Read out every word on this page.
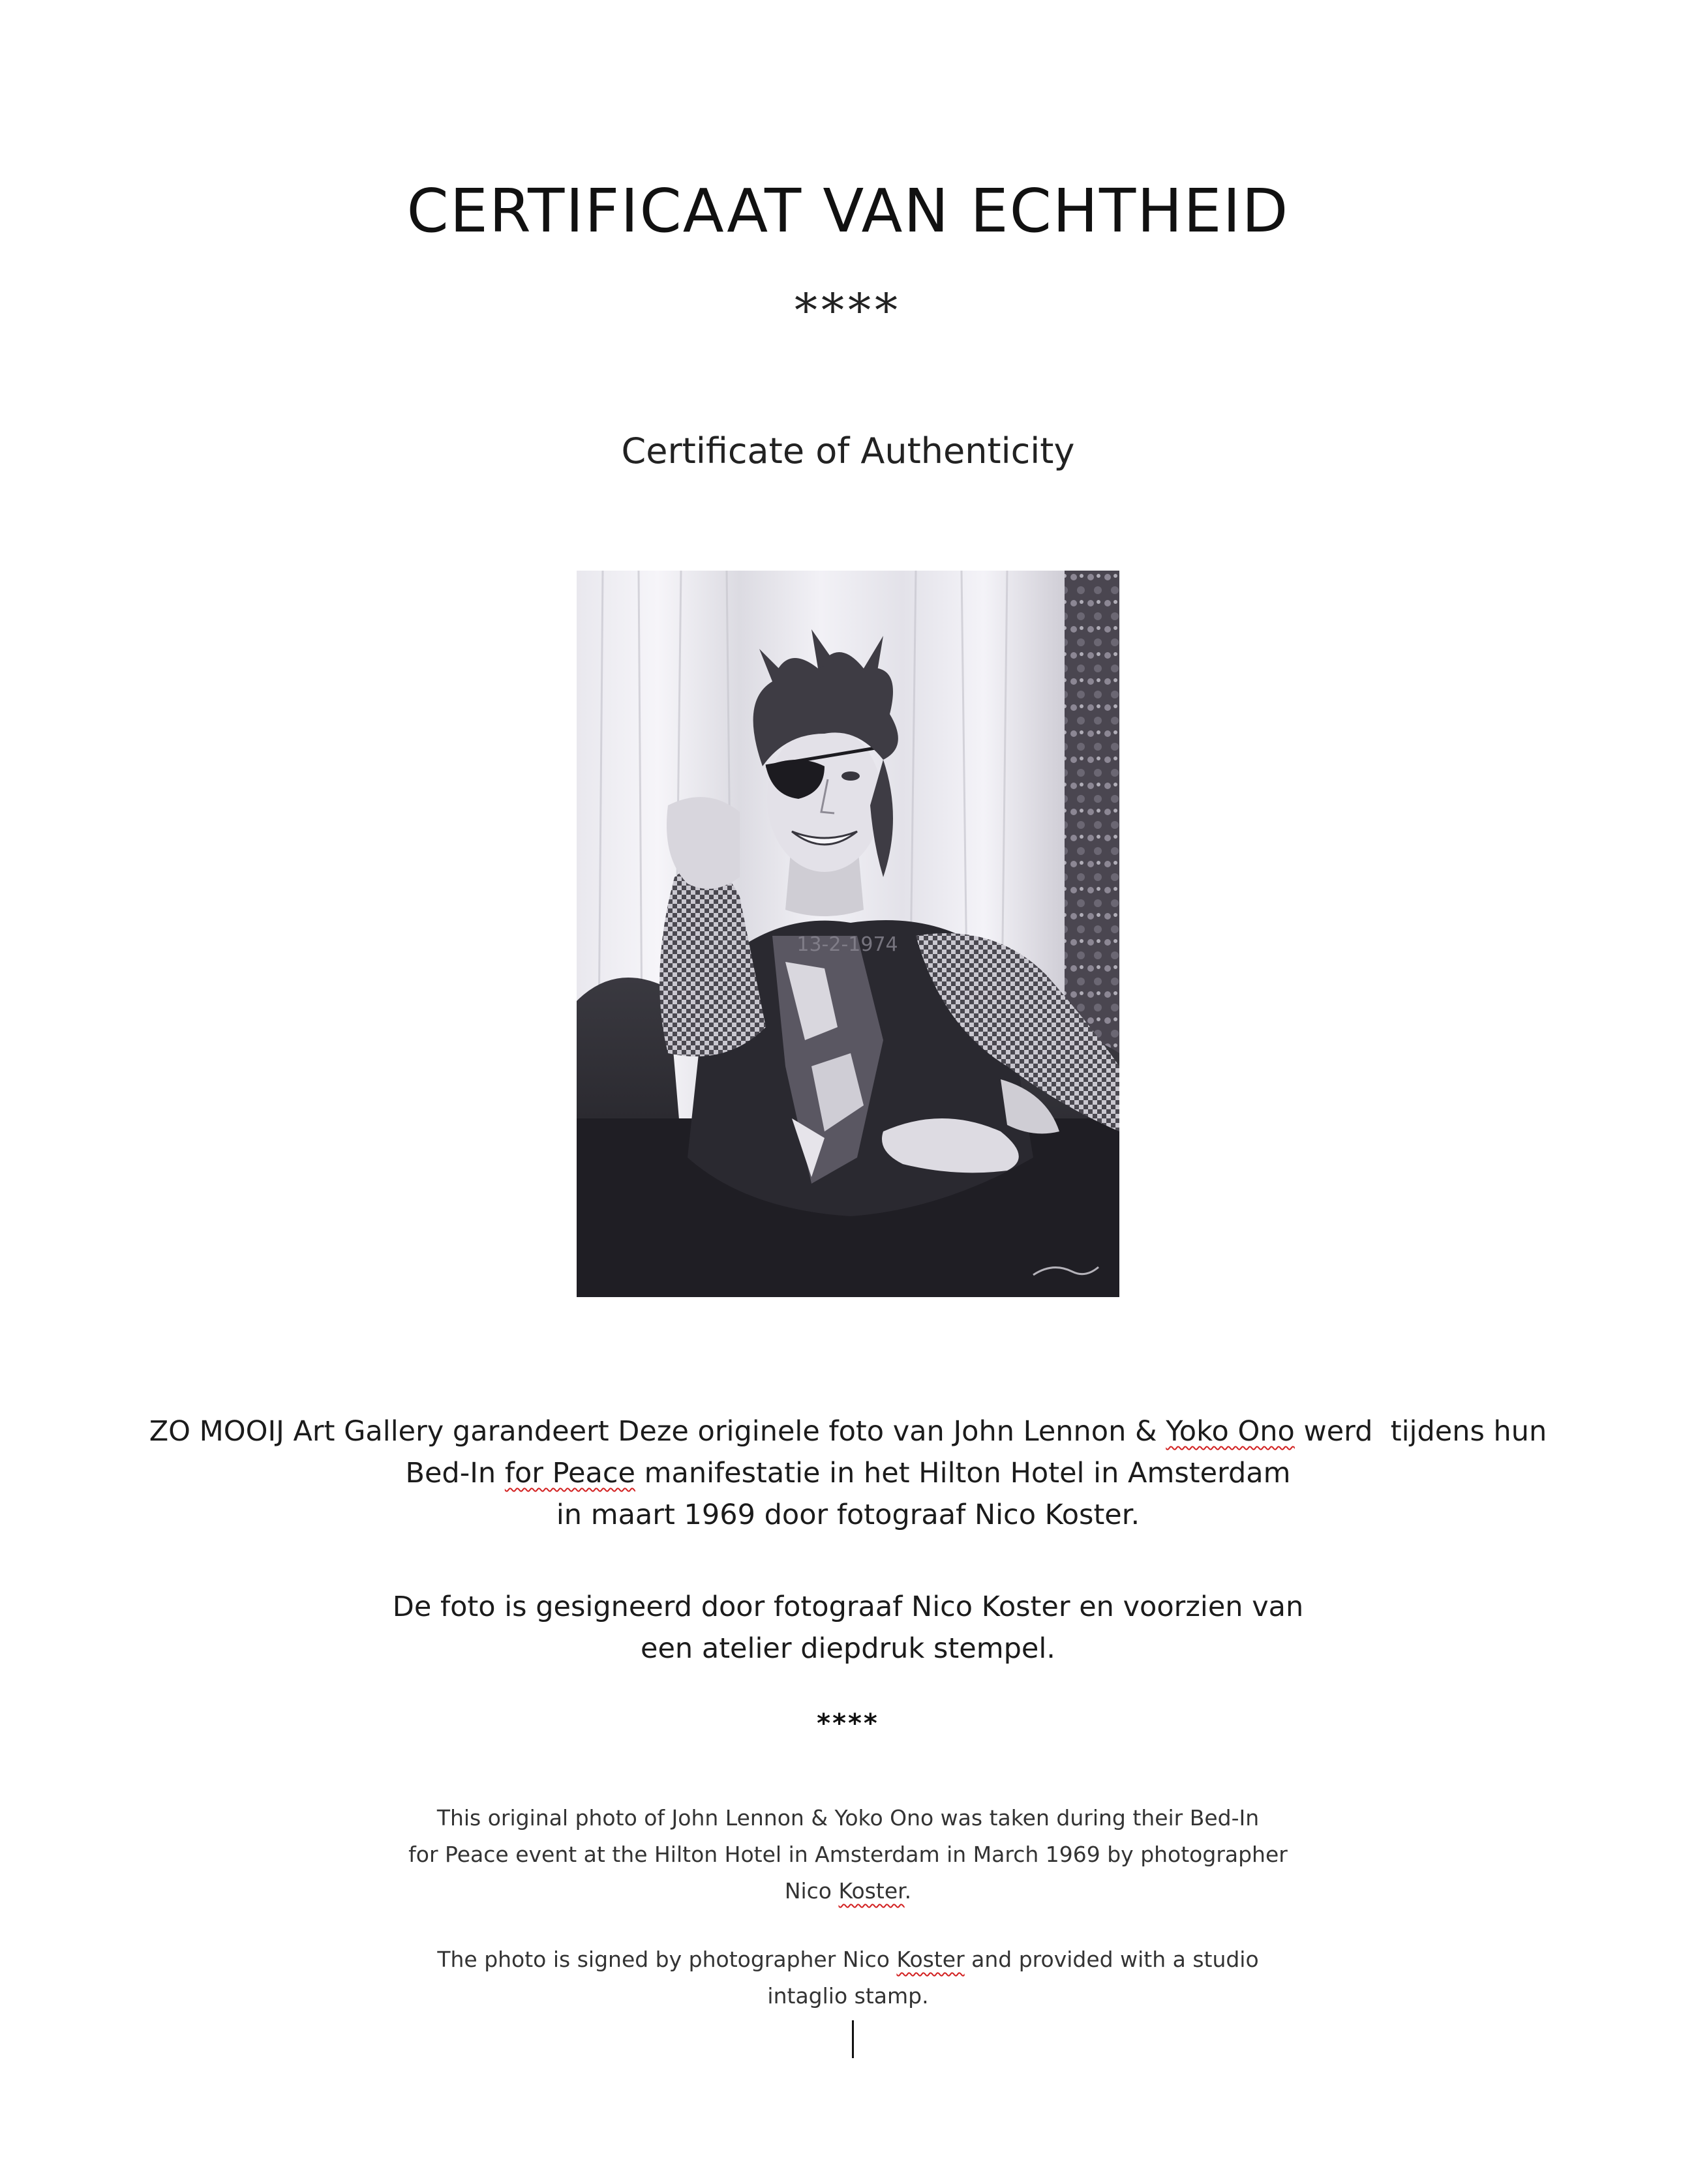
CERTIFICAAT VAN ECHTHEID
****
Certificate of Authenticity
13-2-1974
ZO MOOIJ Art Gallery garandeert Deze originele foto van John Lennon & Yoko Ono werd  tijdens hun
Bed-In for Peace manifestatie in het Hilton Hotel in Amsterdam
in maart 1969 door fotograaf Nico Koster.
De foto is gesigneerd door fotograaf Nico Koster en voorzien van
een atelier diepdruk stempel.
****
This original photo of John Lennon & Yoko Ono was taken during their Bed-In
for Peace event at the Hilton Hotel in Amsterdam in March 1969 by photographer
Nico Koster.
The photo is signed by photographer Nico Koster and provided with a studio
intaglio stamp.
